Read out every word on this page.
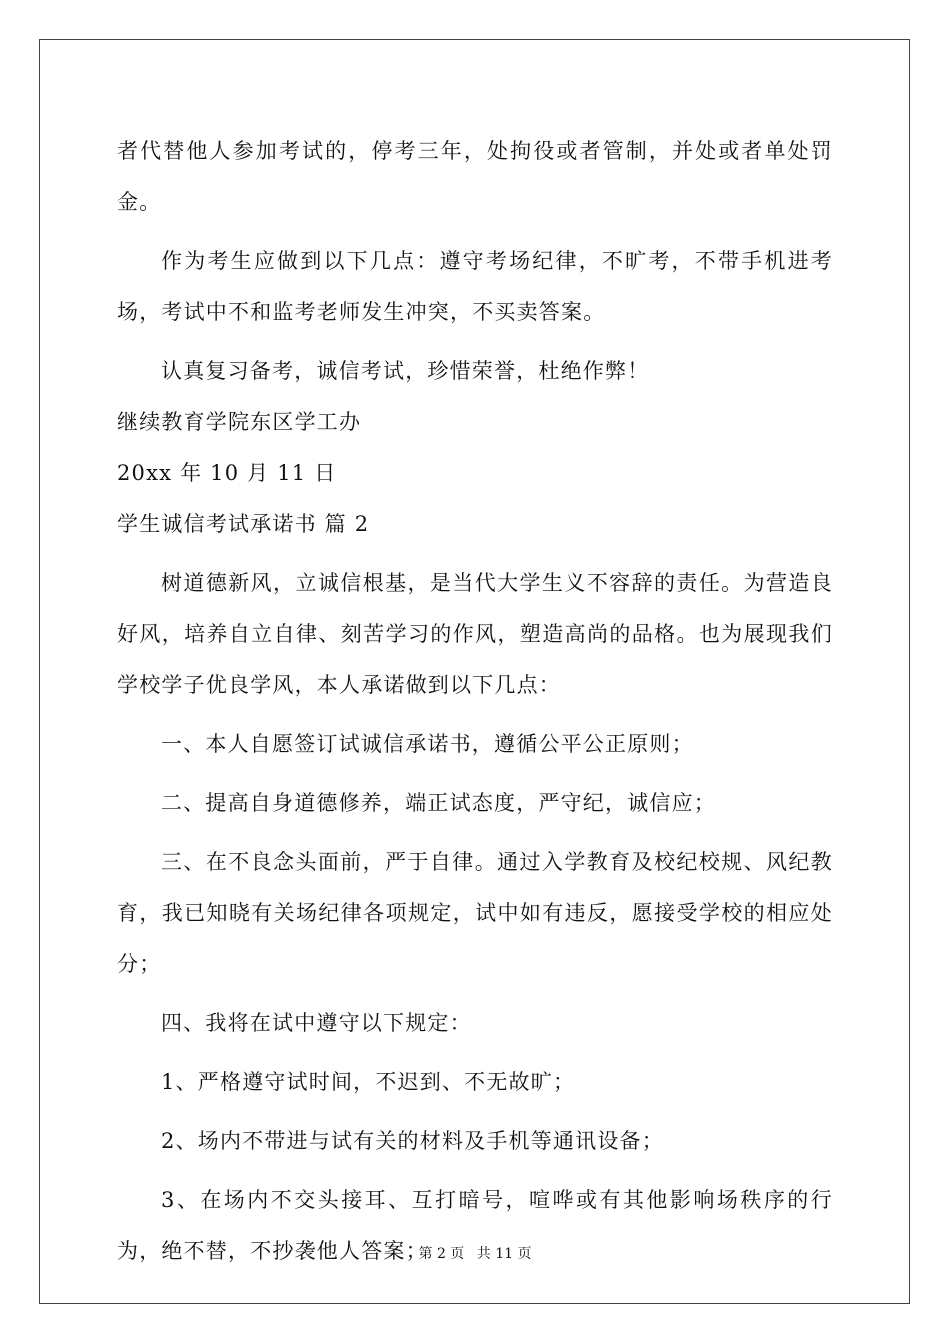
者代替他人参加考试的，停考三年，处拘役或者管制，并处或者单处罚金。

作为考生应做到以下几点：遵守考场纪律，不旷考，不带手机进考场，考试中不和监考老师发生冲突，不买卖答案。

认真复习备考，诚信考试，珍惜荣誉，杜绝作弊！

继续教育学院东区学工办

20xx 年 10 月 11 日

学生诚信考试承诺书 篇 2

树道德新风，立诚信根基，是当代大学生义不容辞的责任。为营造良好风，培养自立自律、刻苦学习的作风，塑造高尚的品格。也为展现我们学校学子优良学风，本人承诺做到以下几点：

一、本人自愿签订试诚信承诺书，遵循公平公正原则；

二、提高自身道德修养，端正试态度，严守纪，诚信应；

三、在不良念头面前，严于自律。通过入学教育及校纪校规、风纪教育，我已知晓有关场纪律各项规定，试中如有违反，愿接受学校的相应处分；

四、我将在试中遵守以下规定：

1、严格遵守试时间，不迟到、不无故旷；

2、场内不带进与试有关的材料及手机等通讯设备；

3、在场内不交头接耳、互打暗号，喧哗或有其他影响场秩序的行为，绝不替，不抄袭他人答案；

第 2 页 共 11 页
